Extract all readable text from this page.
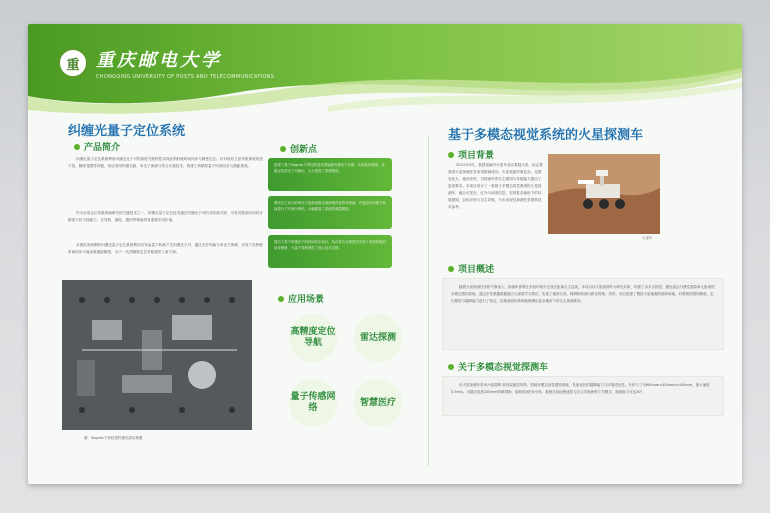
重 重庆邮电大学
CHONGQING UNIVERSITY OF POSTS AND TELECOMMUNICATIONS
纠缠光量子定位系统
产品简介
纠缠光量子定位系统利用纠缠态光子对的高度关联特性实现亚纳秒级时间同步与精密定位。针对现有卫星导航系统易受干扰、精度受限等问题，项目采用纠缠光源、单光子探测与符合计数技术，构建了高精度量子时间同步与测距系统。
作为目前定位导航领域研究的关键技术之一，纠缠光量子定位技术通过纠缠光子对的非经典关联，可有效提高时间同步精度与抗干扰能力，在导航、测绘、通信等领域具有重要应用价值。
本团队所研制的纠缠光量子定位系统利用自发参量下转换产生纠缠光子对，通过光纤传输与单光子探测，实现了皮秒级时间同步与毫米级测距精度，为下一代高精度定位导航提供了新方案。
图：Sagnac干涉仪型纠缠光源实物图
创新点
搭建了基于Sagnac干涉仪的高亮度偏振纠缠光子对源，实现高纠缠度、高稳定性的光子对输出，大大提高了系统精度。
利用自主设计的单光子探测电路实现低噪声高效率探测，并通过时间数字转换提升了时间分辨率，大幅提高了系统的测量精度。
提出了基于纠缠光子的时间同步协议，结合符合计数算法实现了亚纳秒级的同步精度，为量子导航提供了核心技术支撑。
应用场景
高精度定位导航
雷达探测
量子传感网络
智慧医疗
基于多模态视觉系统的火星探测车
项目背景
2021年5月，我国祝融号火星车成功着陆火星，标志着我国火星探测任务取得圆满成功。火星表面环境复杂，光照变化大、地形多样，对探测车的自主感知与导航能力提出了更高要求。本项目设计了一款基于多模态视觉系统的火星探测车，融合可见光、红外与深度信息，实现复杂地形下的环境感知、目标识别与自主导航，为未来深空探测任务提供技术参考。
火星车
项目概述
随着火星探测任务的不断深入，探测车需要在未知环境中完成长距离自主巡视。本项目以火星探测车为研究对象，构建了由多目视觉、激光雷达与惯性测量单元组成的多模态感知系统。通过多传感器数据融合与深度学习算法，实现了地形分类、障碍物检测与路径规划。同时，项目搭建了模拟火星地貌的测试场地，对系统的感知精度、定位精度与越障能力进行了验证，结果表明该系统能够满足复杂地形下的自主探测需求。
关于多模态视觉探测车
该火星探测车采用六轮摇臂-转向架悬挂结构，搭载多模态视觉感知系统，具备良好的越障能力与环境适应性。车体尺寸为600mm×450mm×400mm，最大速度0.5m/s，可越过高度150mm的障碍物，续航时间约4小时。系统支持远程遥控与自主导航两种工作模式，爬坡能力可达30°。
